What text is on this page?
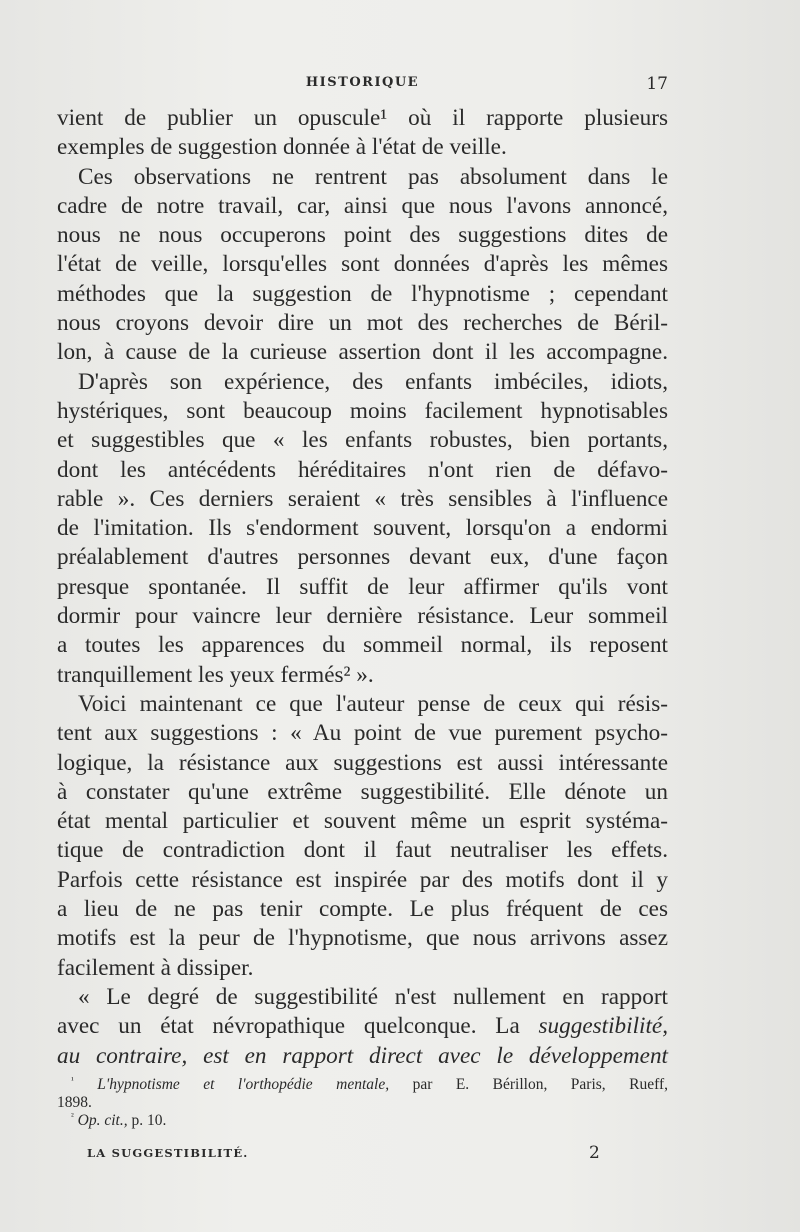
HISTORIQUE	17
vient de publier un opuscule¹ où il rapporte plusieurs
exemples de suggestion donnée à l'état de veille.
Ces observations ne rentrent pas absolument dans le
cadre de notre travail, car, ainsi que nous l'avons annoncé,
nous ne nous occuperons point des suggestions dites de
l'état de veille, lorsqu'elles sont données d'après les mêmes
méthodes que la suggestion de l'hypnotisme ; cependant
nous croyons devoir dire un mot des recherches de Béril-
lon, à cause de la curieuse assertion dont il les accompagne.
D'après son expérience, des enfants imbéciles, idiots,
hystériques, sont beaucoup moins facilement hypnotisables
et suggestibles que « les enfants robustes, bien portants,
dont les antécédents héréditaires n'ont rien de défavo-
rable ». Ces derniers seraient « très sensibles à l'influence
de l'imitation. Ils s'endorment souvent, lorsqu'on a endormi
préalablement d'autres personnes devant eux, d'une façon
presque spontanée. Il suffit de leur affirmer qu'ils vont
dormir pour vaincre leur dernière résistance. Leur sommeil
a toutes les apparences du sommeil normal, ils reposent
tranquillement les yeux fermés² ».
Voici maintenant ce que l'auteur pense de ceux qui résis-
tent aux suggestions : « Au point de vue purement psycho-
logique, la résistance aux suggestions est aussi intéressante
à constater qu'une extrême suggestibilité. Elle dénote un
état mental particulier et souvent même un esprit systéma-
tique de contradiction dont il faut neutraliser les effets.
Parfois cette résistance est inspirée par des motifs dont il y
a lieu de ne pas tenir compte. Le plus fréquent de ces
motifs est la peur de l'hypnotisme, que nous arrivons assez
facilement à dissiper.
« Le degré de suggestibilité n'est nullement en rapport
avec un état névropathique quelconque. La suggestibilité,
au contraire, est en rapport direct avec le développement
$^{^1}$ L'hypnotisme et l'orthopédie mentale, par E. Bérillon, Paris, Rueff,
1898.
$^{^2}$ Op. cit., p. 10.
LA SUGGESTIBILITÉ.	2
